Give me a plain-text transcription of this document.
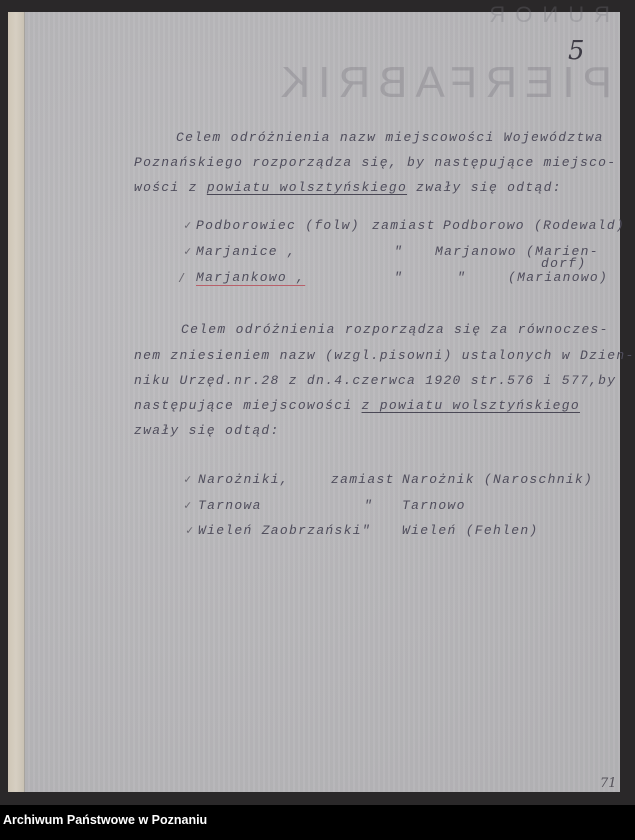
RUNOR
PIERFABRIK
5
Celem odróżnienia nazw miejscowości Województwa
Poznańskiego rozporządza się, by następujące miejsco-
wości z powiatu wolsztyńskiego zwały się odtąd:
✓ Podborowiec (folw) zamiast Podborowo (Rodewald)
✓ Marjanice ,	" Marjanowo (Marien-
dorf)
/ Marjankowo ,	"	"	(Marianowo)
Celem odróżnienia rozporządza się za równoczes-
nem zniesieniem nazw (wzgl.pisowni) ustalonych w Dzien-
niku Urzęd.nr.28 z dn.4.czerwca 1920 str.576 i 577,by
następujące miejscowości z powiatu wolsztyńskiego
zwały się odtąd:
✓ Narożniki,	zamiast Narożnik (Naroschnik)
✓ Tarnowa	" Tarnowo
✓ Wieleń Zaobrzański" Wieleń (Fehlen)
71
Archiwum Państwowe w Poznaniu
